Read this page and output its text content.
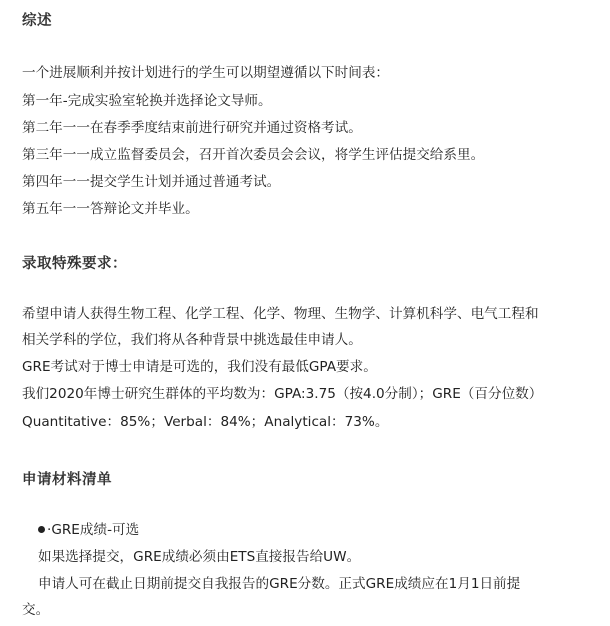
综述
一个进展顺利并按计划进行的学生可以期望遵循以下时间表：
第一年-完成实验室轮换并选择论文导师。
第二年一一在春季季度结束前进行研究并通过资格考试。
第三年一一成立监督委员会，召开首次委员会会议，将学生评估提交给系里。
第四年一一提交学生计划并通过普通考试。
第五年一一答辩论文并毕业。
录取特殊要求：
希望申请人获得生物工程、化学工程、化学、物理、生物学、计算机科学、电气工程和
相关学科的学位，我们将从各种背景中挑选最佳申请人。
GRE考试对于博士申请是可选的，我们没有最低GPA要求。
我们2020年博士研究生群体的平均数为：GPA:3.75（按4.0分制）；GRE（百分位数）
Quantitative：85%；Verbal：84%；Analytical：73%。
申请材料清单
·GRE成绩-可选
如果选择提交，GRE成绩必须由ETS直接报告给UW。
申请人可在截止日期前提交自我报告的GRE分数。正式GRE成绩应在1月1日前提
交。
